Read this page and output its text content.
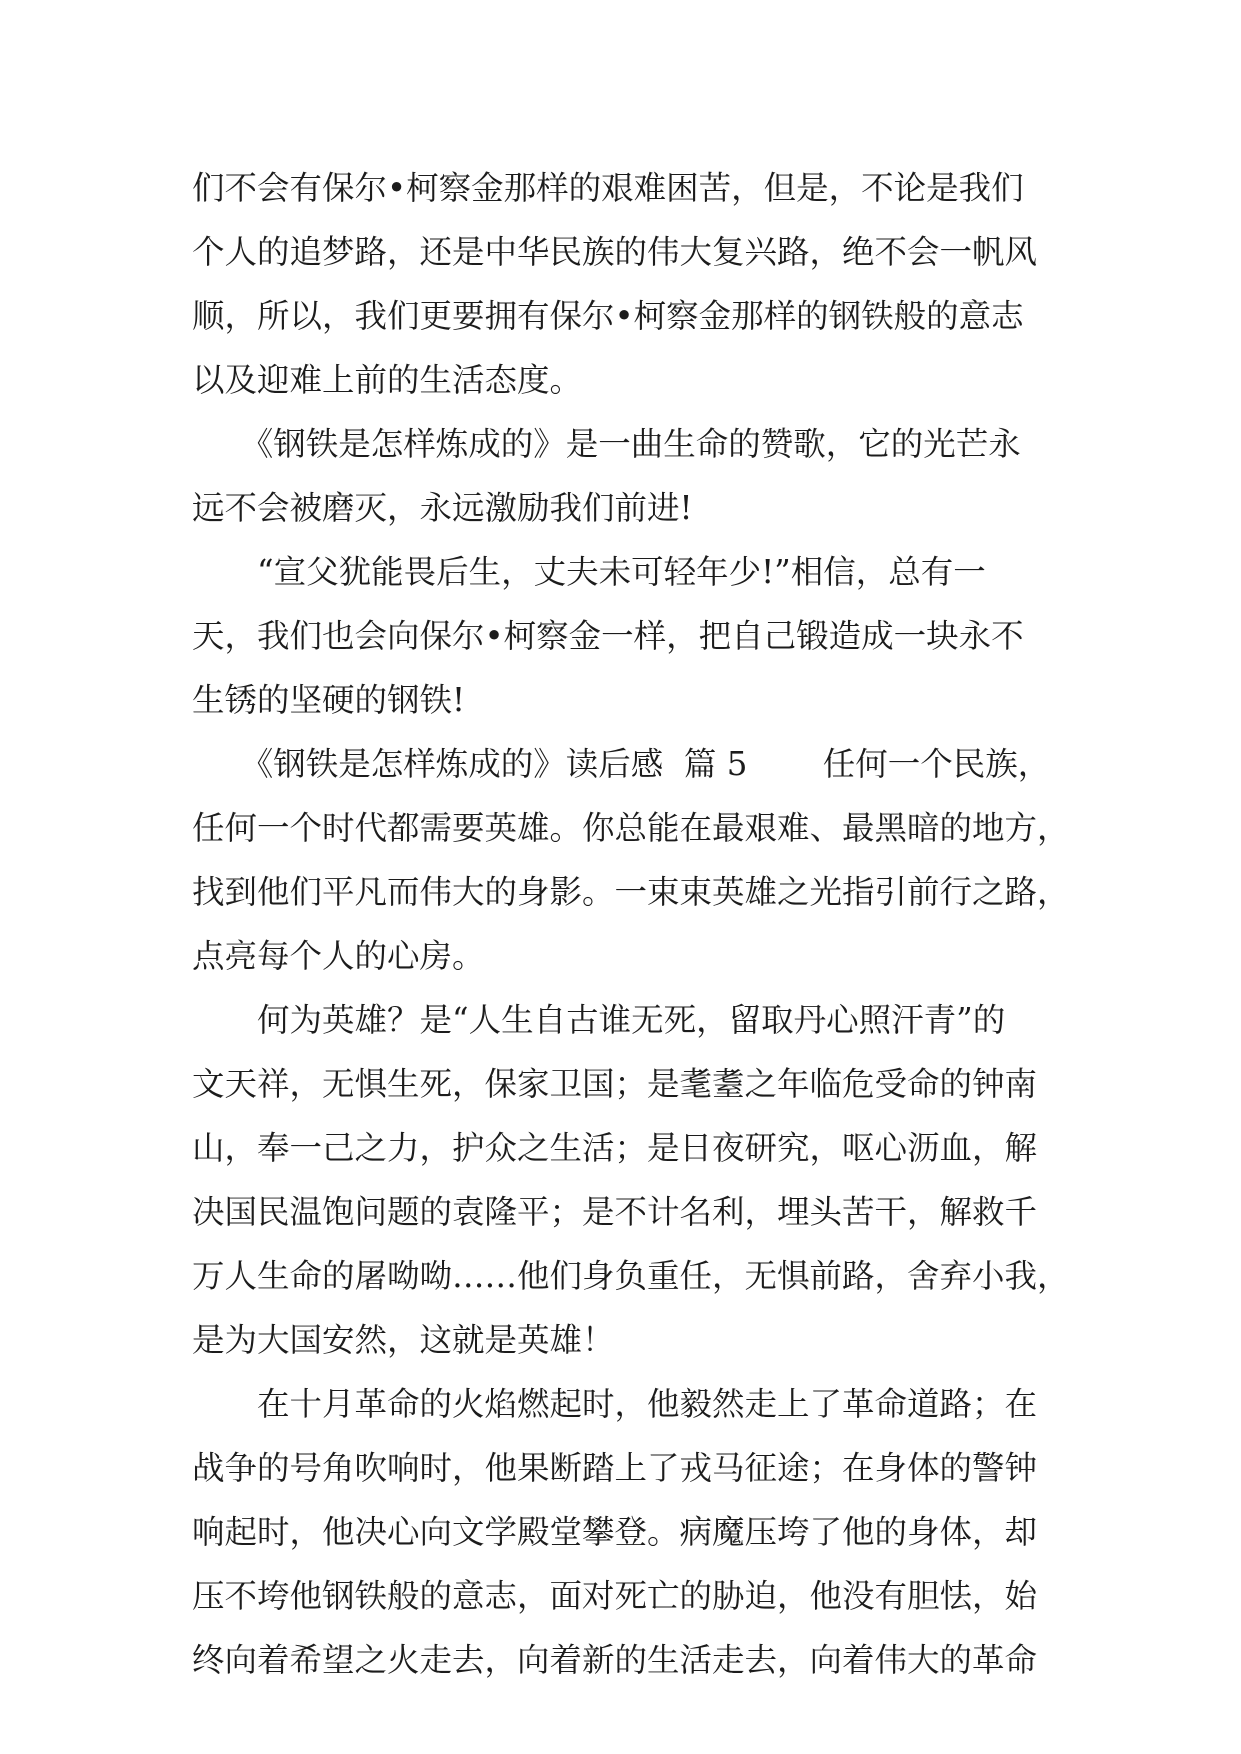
们不会有保尔•柯察金那样的艰难困苦，但是，不论是我们
个人的追梦路，还是中华民族的伟大复兴路，绝不会一帆风
顺，所以，我们更要拥有保尔•柯察金那样的钢铁般的意志
以及迎难上前的生活态度。
　　《钢铁是怎样炼成的》是一曲生命的赞歌，它的光芒永
远不会被磨灭，永远激励我们前进!
　　“宣父犹能畏后生，丈夫未可轻年少!”相信，总有一
天，我们也会向保尔•柯察金一样，把自己锻造成一块永不
生锈的坚硬的钢铁!
　　《钢铁是怎样炼成的》读后感  篇 5　　 任何一个民族，
任何一个时代都需要英雄。你总能在最艰难、最黑暗的地方，
找到他们平凡而伟大的身影。一束束英雄之光指引前行之路，
点亮每个人的心房。
　　何为英雄？是“人生自古谁无死，留取丹心照汗青”的
文天祥，无惧生死，保家卫国；是耄耋之年临危受命的钟南
山，奉一己之力，护众之生活；是日夜研究，呕心沥血，解
决国民温饱问题的袁隆平；是不计名利，埋头苦干，解救千
万人生命的屠呦呦……他们身负重任，无惧前路，舍弃小我，
是为大国安然，这就是英雄！
　　在十月革命的火焰燃起时，他毅然走上了革命道路；在
战争的号角吹响时，他果断踏上了戎马征途；在身体的警钟
响起时，他决心向文学殿堂攀登。病魔压垮了他的身体，却
压不垮他钢铁般的意志，面对死亡的胁迫，他没有胆怯，始
终向着希望之火走去，向着新的生活走去，向着伟大的革命
